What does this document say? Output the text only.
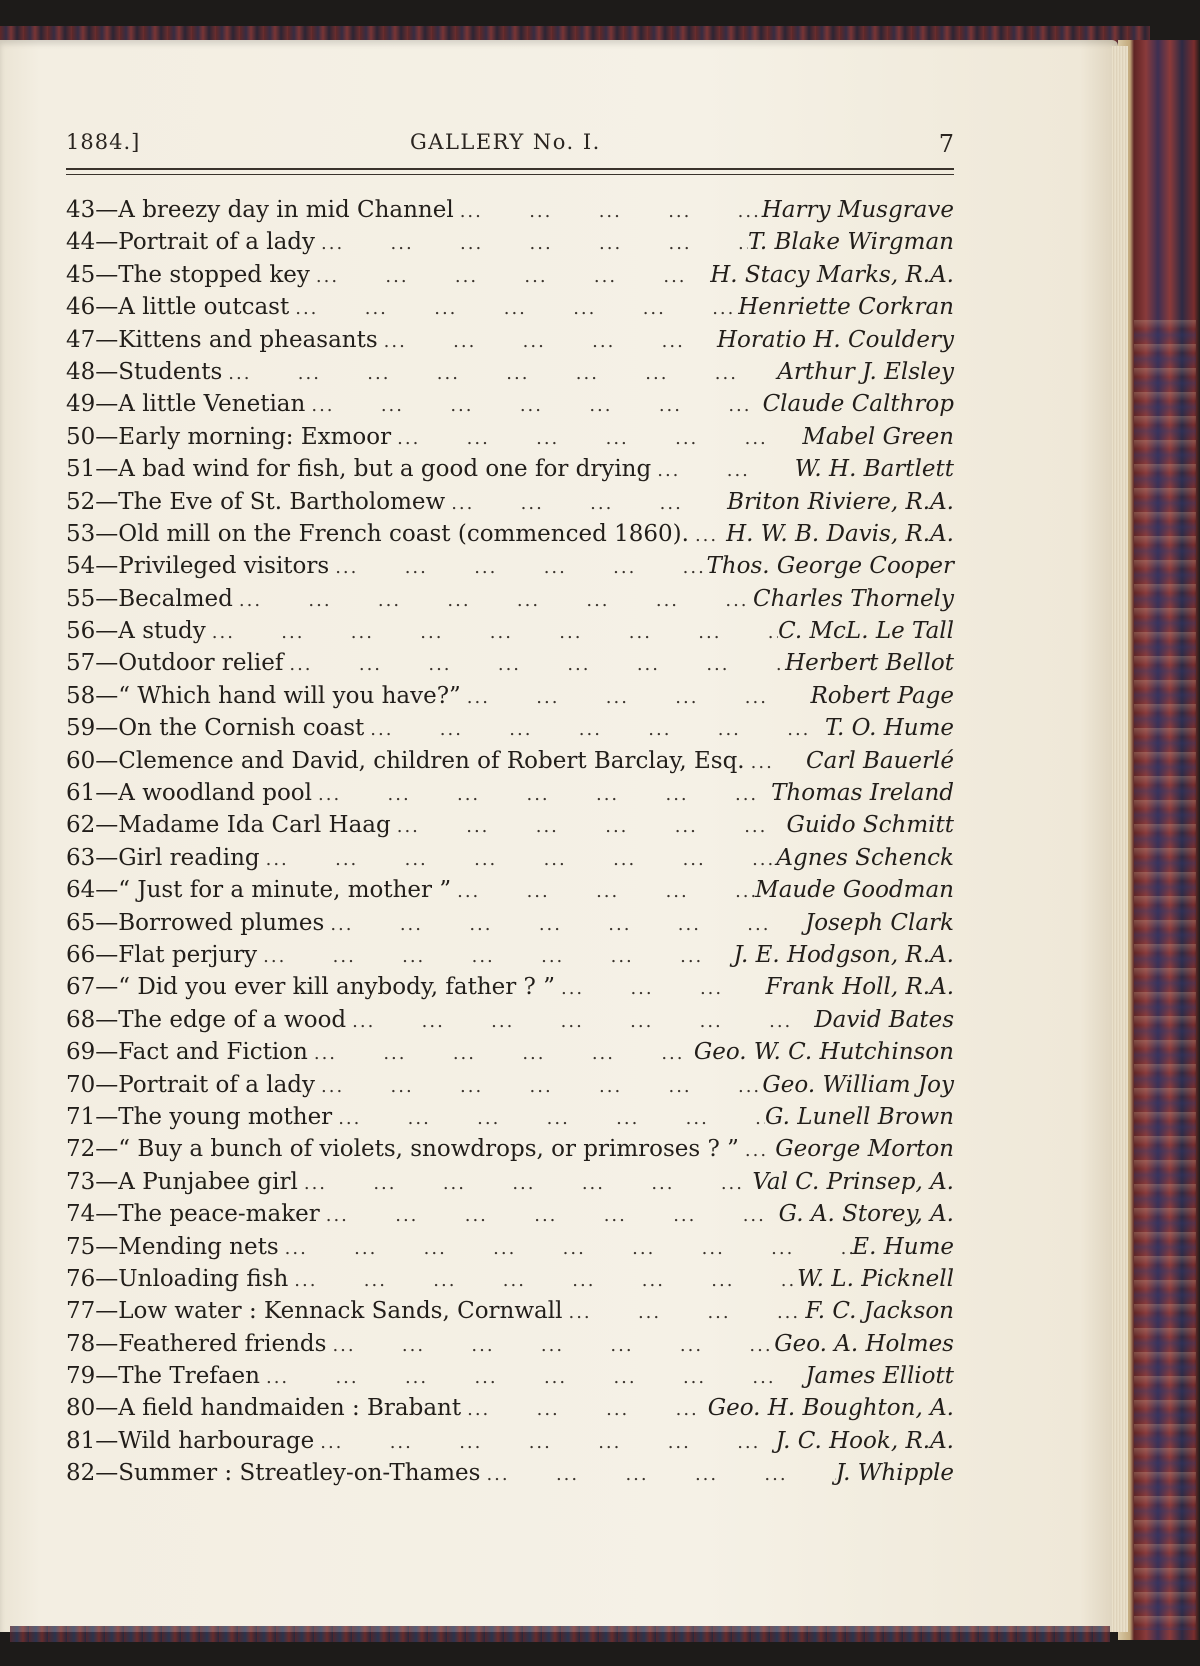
1884.]	GALLERY No. I.	7
43 — A breezy day in mid Channel ...	Harry Musgrave
44 — Portrait of a lady ...	T. Blake Wirgman
45 — The stopped key ...	H. Stacy Marks, R.A.
46 — A little outcast ...	Henriette Corkran
47 — Kittens and pheasants ...	Horatio H. Couldery
48 — Students ...	Arthur J. Elsley
49 — A little Venetian ...	Claude Calthrop
50 — Early morning: Exmoor ...	Mabel Green
51 — A bad wind for fish, but a good one for drying ...	W. H. Bartlett
52 — The Eve of St. Bartholomew ...	Briton Riviere, R.A.
53 — Old mill on the French coast (commenced 1860). ... H. W. B. Davis, R.A.
54 — Privileged visitors ...	Thos. George Cooper
55 — Becalmed ...	Charles Thornely
56 — A study ...	C. McL. Le Tall
57 — Outdoor relief ...	Herbert Bellot
58 — “ Which hand will you have?” ...	Robert Page
59 — On the Cornish coast ...	T. O. Hume
60 — Clemence and David, children of Robert Barclay, Esq. ...	Carl Bauerlé
61 — A woodland pool ...	Thomas Ireland
62 — Madame Ida Carl Haag ...	Guido Schmitt
63 — Girl reading ...	Agnes Schenck
64 — “ Just for a minute, mother ” ...	Maude Goodman
65 — Borrowed plumes ...	Joseph Clark
66 — Flat perjury ...	J. E. Hodgson, R.A.
67 — “ Did you ever kill anybody, father ? ” ...	Frank Holl, R.A.
68 — The edge of a wood ...	David Bates
69 — Fact and Fiction ...	Geo. W. C. Hutchinson
70 — Portrait of a lady ...	Geo. William Joy
71 — The young mother ...	G. Lunell Brown
72 — “ Buy a bunch of violets, snowdrops, or primroses ? ” ... George Morton
73 — A Punjabee girl ...	Val C. Prinsep, A.
74 — The peace-maker ...	G. A. Storey, A.
75 — Mending nets ...	E. Hume
76 — Unloading fish ...	W. L. Picknell
77 — Low water : Kennack Sands, Cornwall ...	F. C. Jackson
78 — Feathered friends ...	Geo. A. Holmes
79 — The Trefaen ...	James Elliott
80 — A field handmaiden : Brabant ...	Geo. H. Boughton, A.
81 — Wild harbourage ...	J. C. Hook, R.A.
82 — Summer : Streatley-on-Thames ...	J. Whipple
